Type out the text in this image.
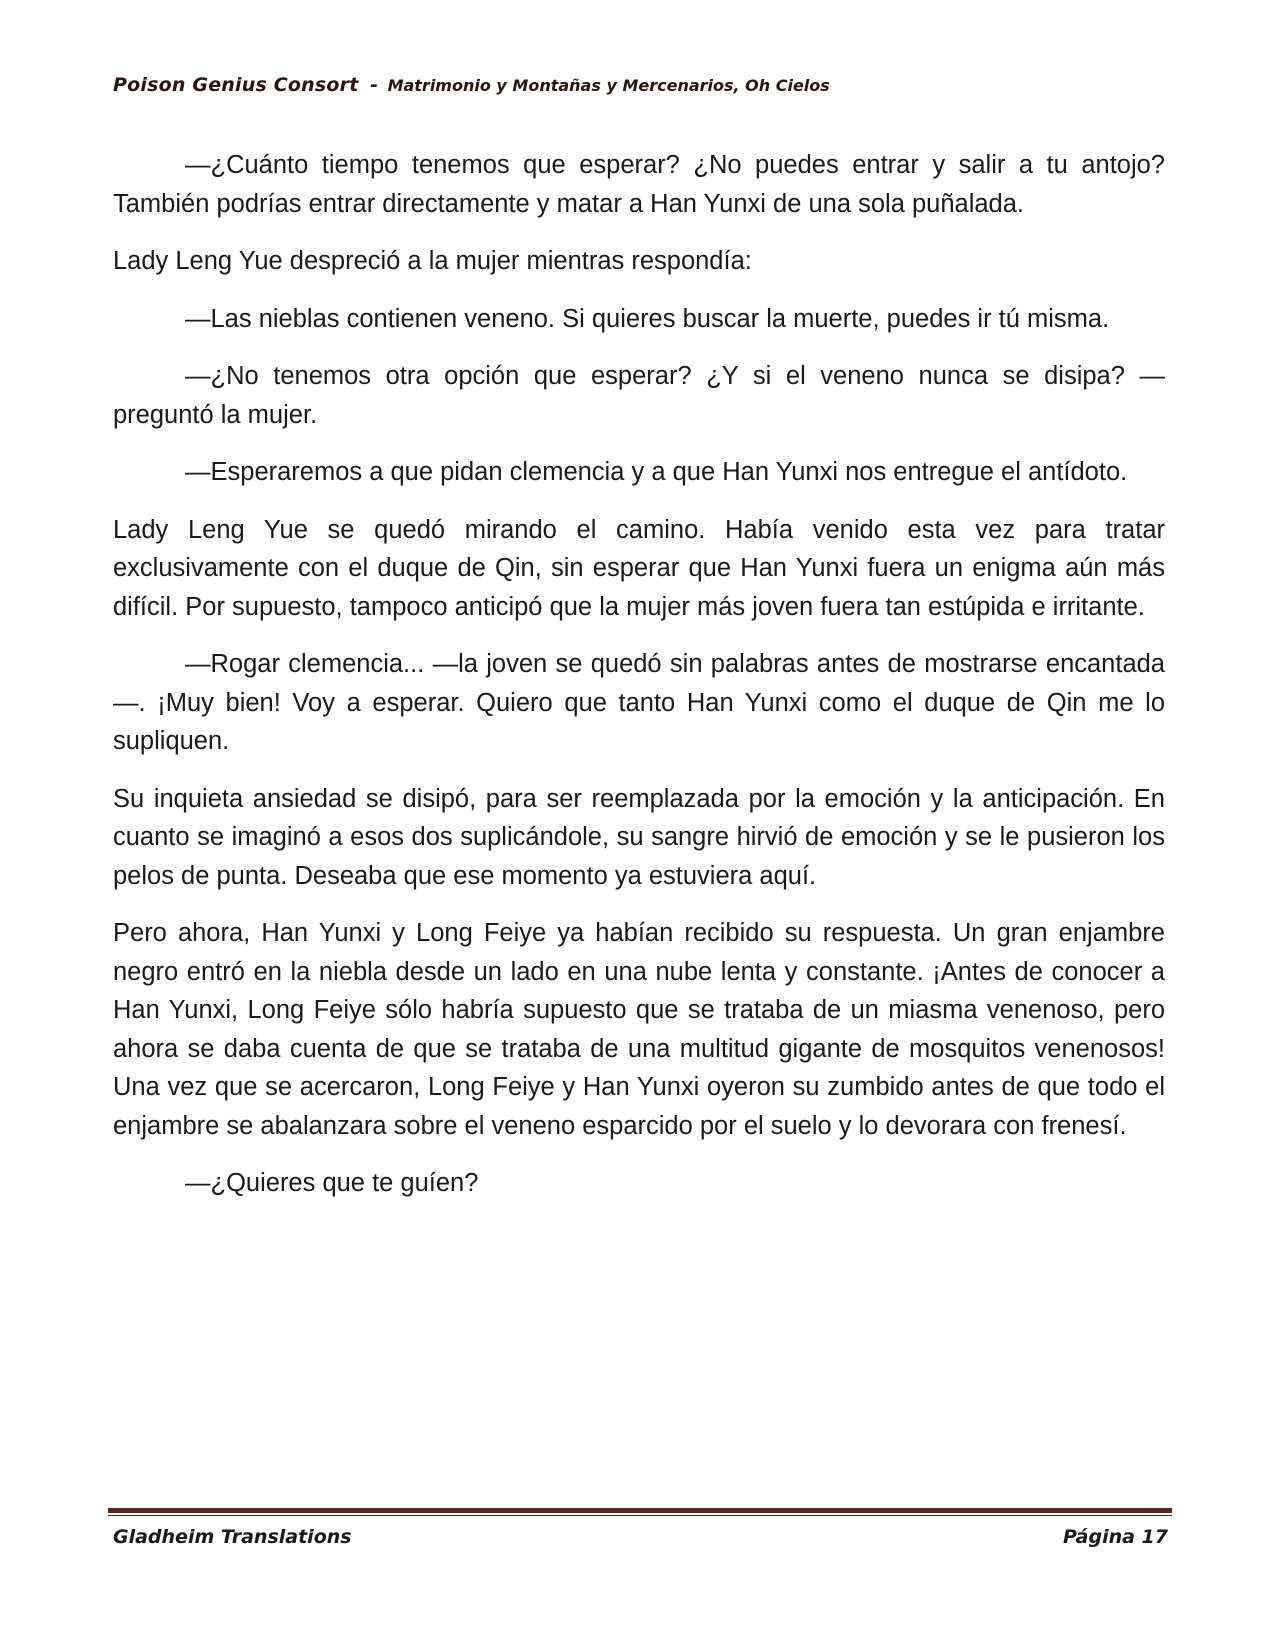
Poison Genius Consort - Matrimonio y Montañas y Mercenarios, Oh Cielos

—¿Cuánto tiempo tenemos que esperar? ¿No puedes entrar y salir a tu antojo? También podrías entrar directamente y matar a Han Yunxi de una sola puñalada.

Lady Leng Yue despreció a la mujer mientras respondía:

—Las nieblas contienen veneno. Si quieres buscar la muerte, puedes ir tú misma.

—¿No tenemos otra opción que esperar? ¿Y si el veneno nunca se disipa? —preguntó la mujer.

—Esperaremos a que pidan clemencia y a que Han Yunxi nos entregue el antídoto.

Lady Leng Yue se quedó mirando el camino. Había venido esta vez para tratar exclusivamente con el duque de Qin, sin esperar que Han Yunxi fuera un enigma aún más difícil. Por supuesto, tampoco anticipó que la mujer más joven fuera tan estúpida e irritante.

—Rogar clemencia... —la joven se quedó sin palabras antes de mostrarse encantada—. ¡Muy bien! Voy a esperar. Quiero que tanto Han Yunxi como el duque de Qin me lo supliquen.

Su inquieta ansiedad se disipó, para ser reemplazada por la emoción y la anticipación. En cuanto se imaginó a esos dos suplicándole, su sangre hirvió de emoción y se le pusieron los pelos de punta. Deseaba que ese momento ya estuviera aquí.

Pero ahora, Han Yunxi y Long Feiye ya habían recibido su respuesta. Un gran enjambre negro entró en la niebla desde un lado en una nube lenta y constante. ¡Antes de conocer a Han Yunxi, Long Feiye sólo habría supuesto que se trataba de un miasma venenoso, pero ahora se daba cuenta de que se trataba de una multitud gigante de mosquitos venenosos! Una vez que se acercaron, Long Feiye y Han Yunxi oyeron su zumbido antes de que todo el enjambre se abalanzara sobre el veneno esparcido por el suelo y lo devorara con frenesí.

—¿Quieres que te guíen?

Gladheim Translations	Página 17
